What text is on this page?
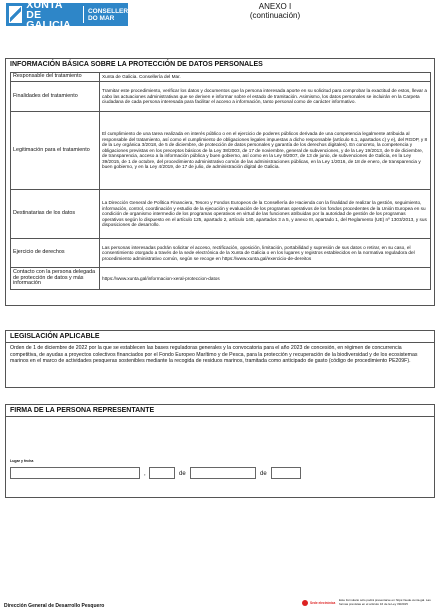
XUNTA DE GALICIA
CONSELLERÍA DO MAR
ANEXO I
(continuación)
INFORMACIÓN BÁSICA SOBRE LA PROTECCIÓN DE DATOS PERSONALES
Responsable del tratamiento	Xunta de Galicia. Consellería del Mar.
Finalidades del tratamiento	Tramitar este procedimiento, verificar los datos y documentos que la persona interesada aporte en su solicitud para comprobar la exactitud de estos, llevar a cabo las actuaciones administrativas que se deriven e informar sobre el estado de tramitación. Asimismo, los datos personales se incluirán en la Carpeta ciudadana de cada persona interesada para facilitar el acceso a información, tanto personal como de carácter informativo.
Legitimación para el tratamiento	El cumplimiento de una tarea realizada en interés público o en el ejercicio de poderes públicos derivada de una competencia legalmente atribuida al responsable del tratamiento, así como el cumplimiento de obligaciones legales impuestas a dicho responsable (artículo 6.1, apartados c) y e), del RGDP, y 8 de la Ley orgánica 3/2018, de 5 de diciembre, de protección de datos personales y garantía de los derechos digitales). En concreto, la competencia y obligaciones previstas en los preceptos básicos de la Ley 38/2003, de 17 de noviembre, general de subvenciones, y de la Ley 19/2013, de 9 de diciembre, de transparencia, acceso a la información pública y buen gobierno, así como en la Ley 9/2007, de 13 de junio, de subvenciones de Galicia, en la Ley 39/2015, de 1 de octubre, del procedimiento administrativo común de las administraciones públicas, en la Ley 1/2016, de 18 de enero, de transparencia y buen gobierno, y en la Ley 4/2019, de 17 de julio, de administración digital de Galicia.
Destinatarias de los datos	La Dirección General de Política Financiera, Tesoro y Fondos Europeos de la Consellería de Hacienda con la finalidad de realizar la gestión, seguimiento, información, control, coordinación y estudio de la ejecución y evaluación de los programas operativos de los fondos procedentes de la Unión Europea en su condición de organismo intermedio de los programas operativos en virtud de las funciones atribuidas por la autoridad de gestión de los programas operativos según lo dispuesto en el artículo 125, apartado 2, artículo 140, apartados 3 a 5, y anexo III, apartado 1, del Reglamento (UE) nº 1303/2013, y sus disposiciones de desarrollo.
Ejercicio de derechos	Las personas interesadas podrán solicitar el acceso, rectificación, oposición, limitación, portabilidad y supresión de sus datos o retirar, en su caso, el consentimiento otorgado a través de la sede electrónica de la Xunta de Galicia o en los lugares y registros establecidos en la normativa reguladora del procedimiento administrativo común, según se recoge en https://www.xunta.gal/exercicio-de-dereitos
Contacto con la persona delegada de protección de datos y más información	https://www.xunta.gal/informacion-xeral-proteccion-datos
LEGISLACIÓN APLICABLE
Orden de 1 de diciembre de 2022 por la que se establecen las bases reguladoras generales y la convocatoria para el año 2023 de concesión, en régimen de concurrencia competitiva, de ayudas a proyectos colectivos financiados por el Fondo Europeo Marítimo y de Pesca, para la protección y recuperación de la biodiversidad y de los ecosistemas marinos en el marco de actividades pesqueras sostenibles mediante la recogida de residuos marinos, tramitada como anticipado de gasto (código de procedimiento PE209F).
FIRMA DE LA PERSONA REPRESENTANTE
Lugar y fecha
,	de	de
Dirección General de Desarrollo Pesquero	Sede electrónica
Este formulario sólo podrá presentarse en https://sede.xunta.gal. Las formas previstas en el artículo 16 de la Ley 39/2015
